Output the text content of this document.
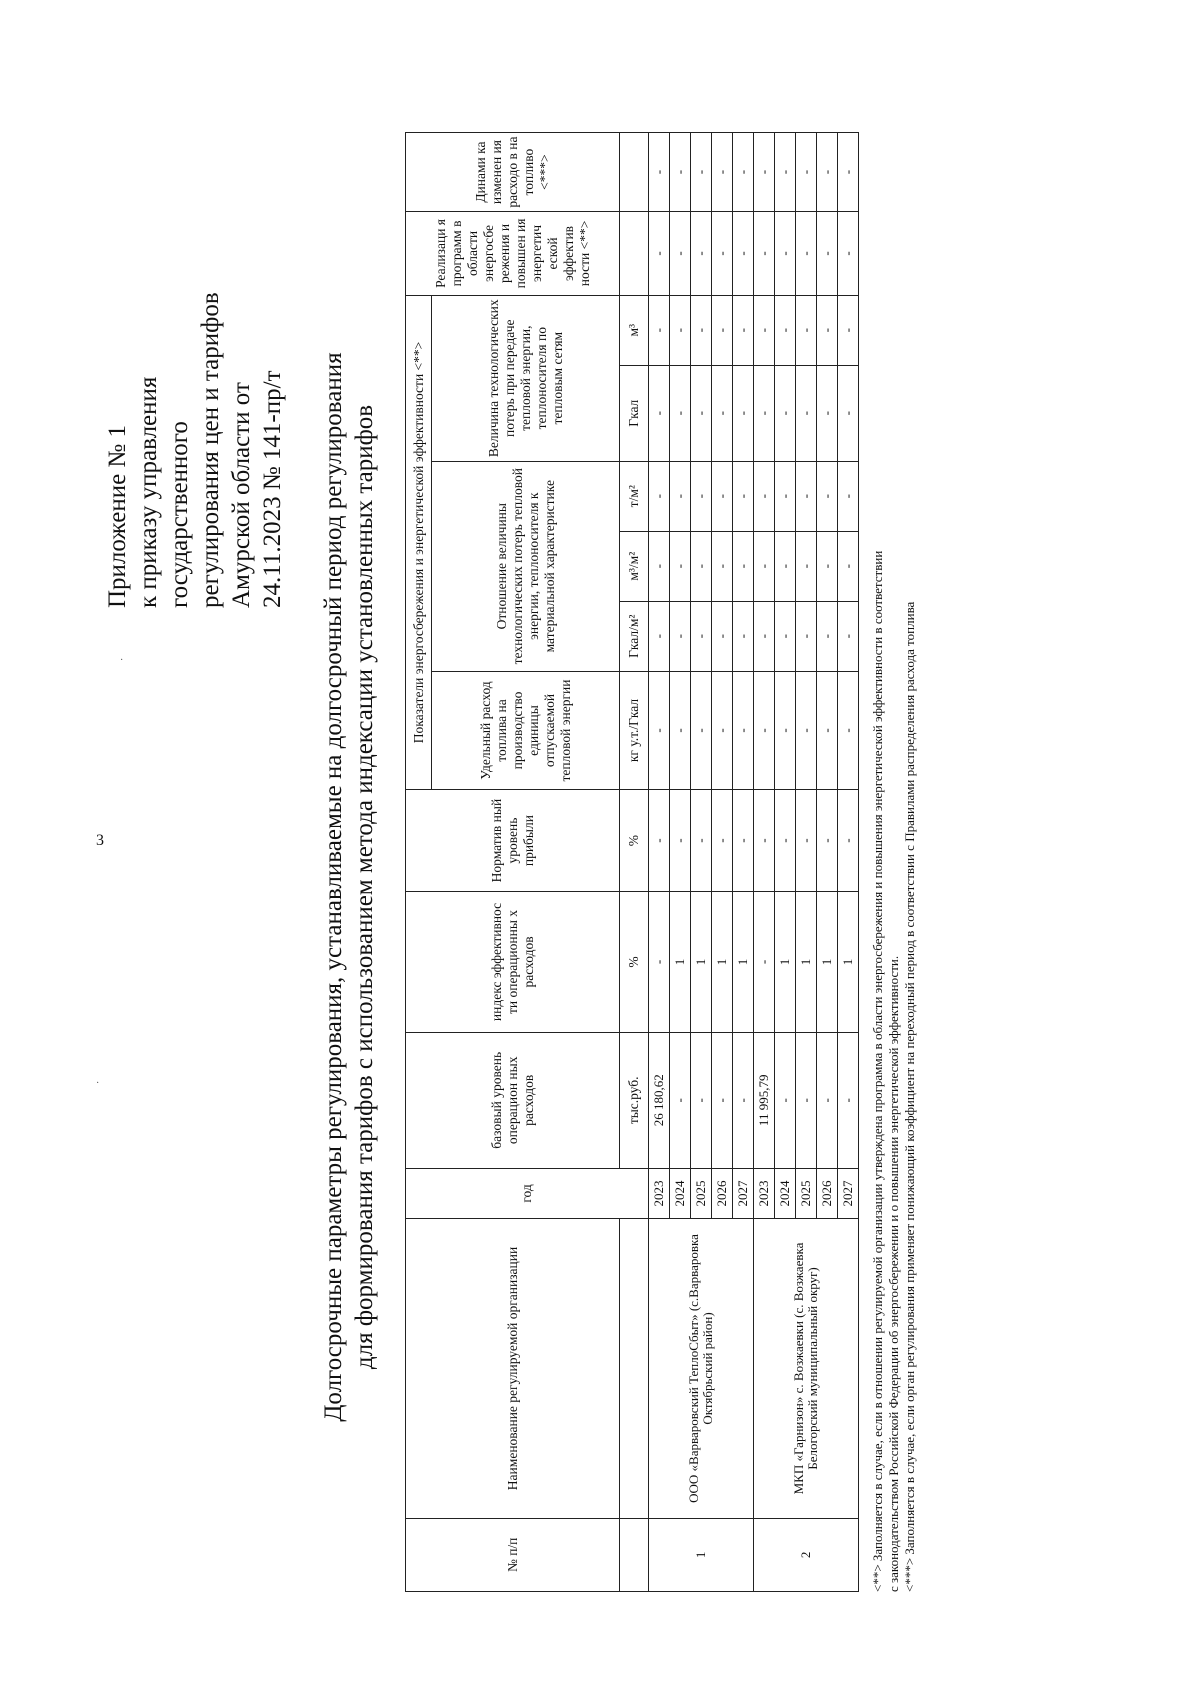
3
·
·
Приложение № 1 к приказу управления государственного регулирования цен и тарифов Амурской области от 24.11.2023 № 141-пр/т Долгосрочные параметры регулирования, устанавливаемые на долгосрочный период регулирования для формирования тарифов с использованием метода индексации установленных тарифов
№ п/п	Наименование регулируемой организации	год	базовый уровень операцион ных расходов	индекс эффективнос ти операционны х расходов	Норматив ный уровень прибыли	Показатели энергосбережения и энергетической эффективности <**>						Реализаци я программ в области энергосбе режения и повышен ия энергетич еской эффектив ности <**>	Динами ка изменен ия расходо в на топливо <***>
						Удельный расход топлива на производство единицы отпускаемой тепловой энергии	Отношение величины технологических потерь тепловой энергии, теплоносителя к материальной характеристике			Величина технологических потерь при передаче тепловой энергии, теплоносителя по тепловым сетям			

			тыс.руб.	%	%	кг у.т./Гкал	Гкал/м²	м³/м²	т/м²	Гкал	м³		
1	ООО «Варваровский ТеплоСбыт» (с.Варваровка Октябрьский район)	2023	26 180,62	-	-	-	-	-	-	-	-	-	-
		2024	-	1	-	-	-	-	-	-	-	-	-
		2025	-	1	-	-	-	-	-	-	-	-	-
		2026	-	1	-	-	-	-	-	-	-	-	-
		2027	-	1	-	-	-	-	-	-	-	-	-
2	МКП «Гарнизон» с. Возжаевки (с. Возжаевка Белогорский муниципальный округ)	2023	11 995,79	-	-	-	-	-	-	-	-	-	-
		2024	-	1	-	-	-	-	-	-	-	-	-
		2025	-	1	-	-	-	-	-	-	-	-	-
		2026	-	1	-	-	-	-	-	-	-	-	-
		2027	-	1	-	-	-	-	-	-	-	-	-
<**> Заполняется в случае, если в отношении регулируемой организации утверждена программа в области энергосбережения и повышения энергетической эффективности в соответствии с законодательством Российской Федерации об энергосбережении и о повышении энергетической эффективности. <***> Заполняется в случае, если орган регулирования применяет понижающий коэффициент на переходный период в соответствии с Правилами распределения расхода топлива
